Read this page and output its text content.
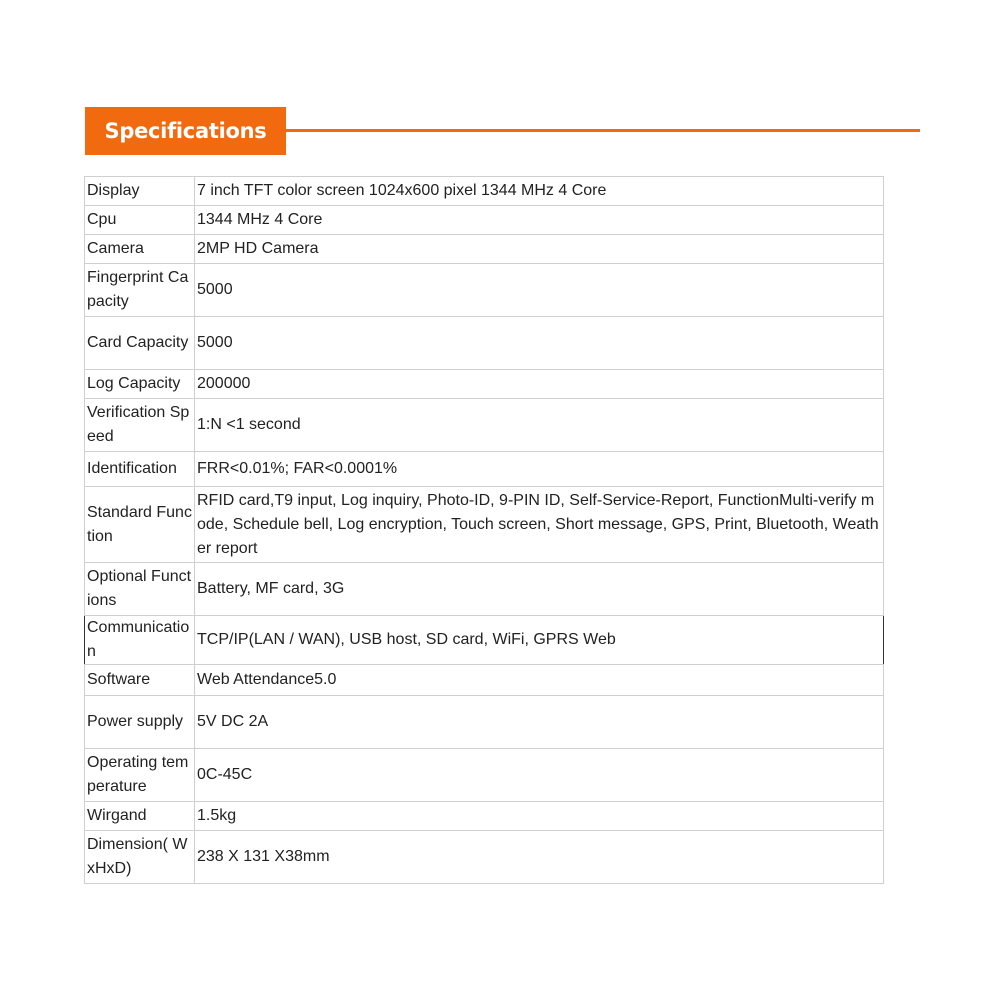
Specifications
Display	7 inch TFT color screen 1024x600 pixel 1344 MHz 4 Core
Cpu	1344 MHz 4 Core
Camera	2MP HD Camera
Fingerprint Capacity	5000
Card Capacity	5000
Log Capacity	200000
Verification Speed	1:N <1 second
Identification	FRR<0.01%; FAR<0.0001%
Standard Function	RFID card,T9 input, Log inquiry, Photo-ID, 9-PIN ID, Self-Service-Report, FunctionMulti-verify mode, Schedule bell, Log encryption, Touch screen, Short message, GPS, Print, Bluetooth, Weather report
Optional Functions	Battery, MF card, 3G
Communication	TCP/IP(LAN / WAN), USB host, SD card, WiFi, GPRS Web
Software	Web Attendance5.0
Power supply	5V DC 2A
Operating temperature	0C-45C
Wirgand	1.5kg
Dimension( WxHxD)	238 X 131 X38mm
